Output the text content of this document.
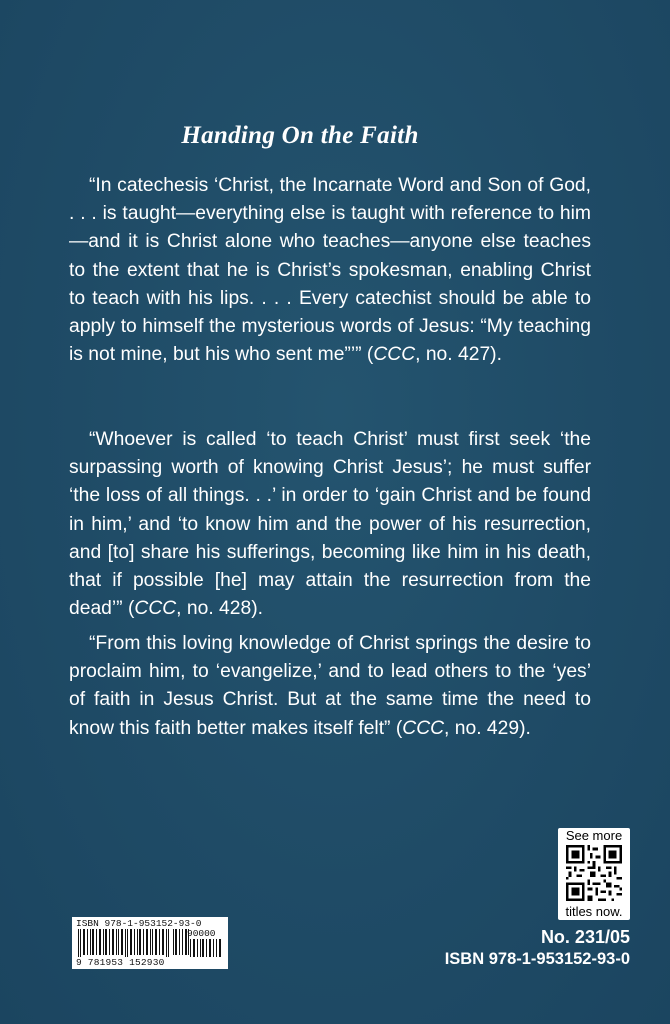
Handing On the Faith

“In catechesis ‘Christ, the Incarnate Word and Son of God, . . . is taught—everything else is taught with reference to him—and it is Christ alone who teaches—anyone else teaches to the extent that he is Christ’s spokesman, enabling Christ to teach with his lips. . . . Every catechist should be able to apply to himself the mysterious words of Jesus: “My teaching is not mine, but his who sent me”’” (CCC, no. 427).

“Whoever is called ‘to teach Christ’ must first seek ‘the surpassing worth of knowing Christ Jesus’; he must suffer ‘the loss of all things. . .’ in order to ‘gain Christ and be found in him,’ and ‘to know him and the power of his resurrection, and [to] share his sufferings, becoming like him in his death, that if possible [he] may attain the resurrection from the dead’” (CCC, no. 428).

“From this loving knowledge of Christ springs the desire to proclaim him, to ‘evangelize,’ and to lead others to the ‘yes’ of faith in Jesus Christ. But at the same time the need to know this faith better makes itself felt” (CCC, no. 429).

See more
titles now.
ISBN 978-1-953152-93-0
90000
9 781953 152930
No. 231/05
ISBN 978-1-953152-93-0
